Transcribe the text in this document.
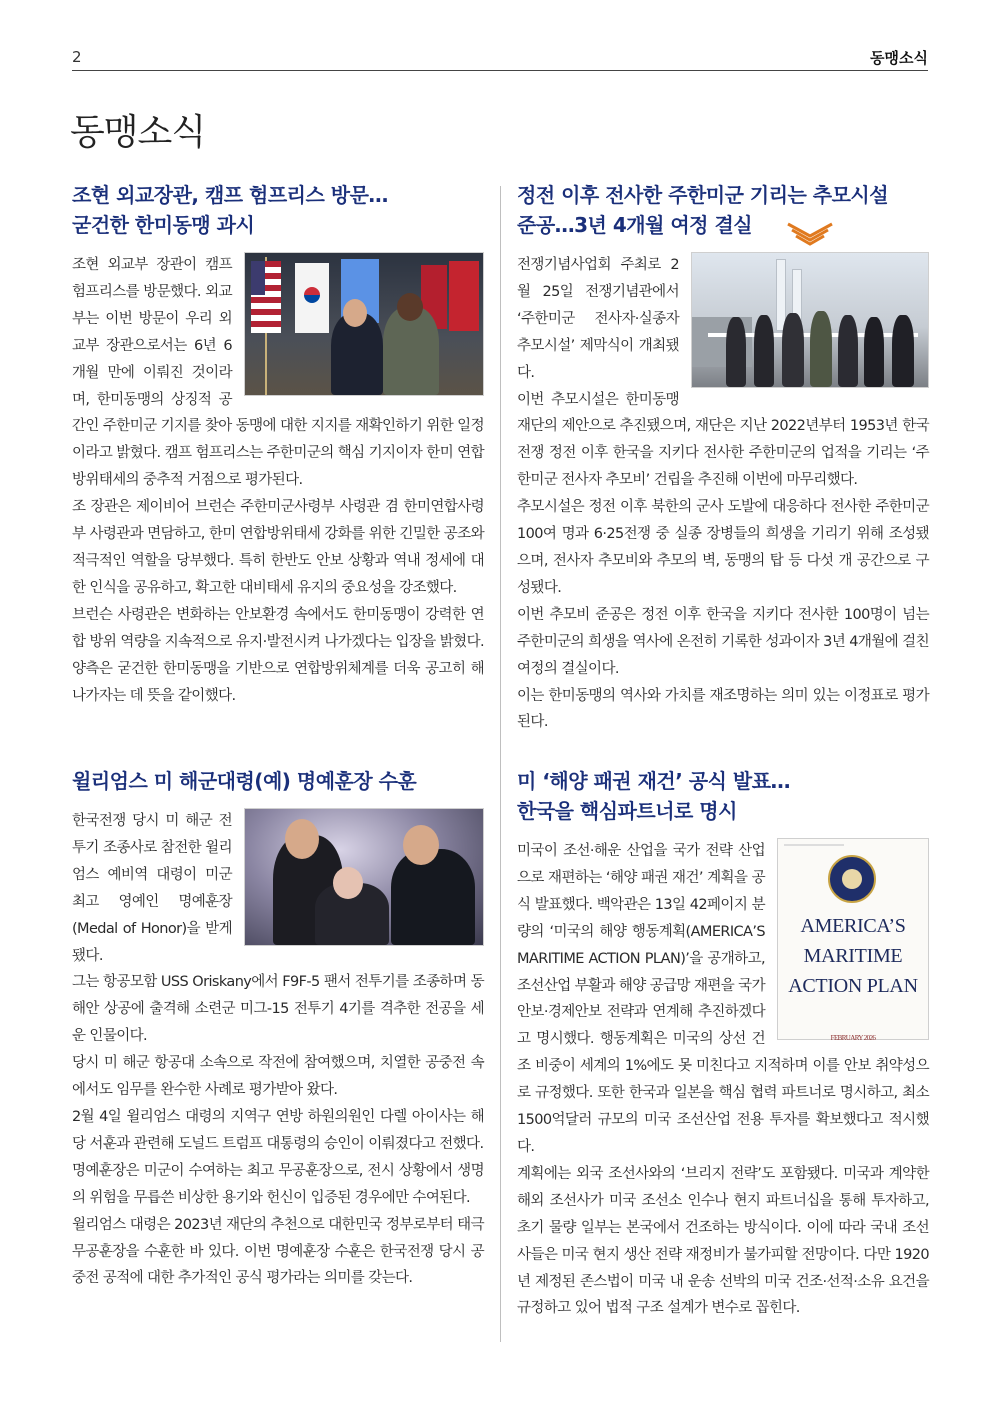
2	동맹소식
동맹소식
조현 외교장관, 캠프 험프리스 방문…
굳건한 한미동맹 과시

조현 외교부 장관이 캠프 험프리스를 방문했다. 외교부는 이번 방문이 우리 외교부 장관으로서는 6년 6개월 만에 이뤄진 것이라며, 한미동맹의 상징적 공간인 주한미군 기지를 찾아 동맹에 대한 지지를 재확인하기 위한 일정이라고 밝혔다. 캠프 험프리스는 주한미군의 핵심 기지이자 한미 연합방위태세의 중추적 거점으로 평가된다.

조 장관은 제이비어 브런슨 주한미군사령부 사령관 겸 한미연합사령부 사령관과 면담하고, 한미 연합방위태세 강화를 위한 긴밀한 공조와 적극적인 역할을 당부했다. 특히 한반도 안보 상황과 역내 정세에 대한 인식을 공유하고, 확고한 대비태세 유지의 중요성을 강조했다.

브런슨 사령관은 변화하는 안보환경 속에서도 한미동맹이 강력한 연합 방위 역량을 지속적으로 유지·발전시켜 나가겠다는 입장을 밝혔다. 양측은 굳건한 한미동맹을 기반으로 연합방위체계를 더욱 공고히 해 나가자는 데 뜻을 같이했다.

정전 이후 전사한 주한미군 기리는 추모시설
준공…3년 4개월 여정 결실

전쟁기념사업회 주최로 2월 25일 전쟁기념관에서 ‘주한미군 전사자·실종자 추모시설’ 제막식이 개최됐다.

이번 추모시설은 한미동맹재단의 제안으로 추진됐으며, 재단은 지난 2022년부터 1953년 한국전쟁 정전 이후 한국을 지키다 전사한 주한미군의 업적을 기리는 ‘주한미군 전사자 추모비’ 건립을 추진해 이번에 마무리했다.

추모시설은 정전 이후 북한의 군사 도발에 대응하다 전사한 주한미군 100여 명과 6·25전쟁 중 실종 장병들의 희생을 기리기 위해 조성됐으며, 전사자 추모비와 추모의 벽, 동맹의 탑 등 다섯 개 공간으로 구성됐다.

이번 추모비 준공은 정전 이후 한국을 지키다 전사한 100명이 넘는 주한미군의 희생을 역사에 온전히 기록한 성과이자 3년 4개월에 걸친 여정의 결실이다.

이는 한미동맹의 역사와 가치를 재조명하는 의미 있는 이정표로 평가된다.

윌리엄스 미 해군대령(예) 명예훈장 수훈

한국전쟁 당시 미 해군 전투기 조종사로 참전한 윌리엄스 예비역 대령이 미군 최고 영예인 명예훈장(Medal of Honor)을 받게 됐다.

그는 항공모함 USS Oriskany에서 F9F-5 팬서 전투기를 조종하며 동해안 상공에 출격해 소련군 미그-15 전투기 4기를 격추한 전공을 세운 인물이다.

당시 미 해군 항공대 소속으로 작전에 참여했으며, 치열한 공중전 속에서도 임무를 완수한 사례로 평가받아 왔다.

2월 4일 윌리엄스 대령의 지역구 연방 하원의원인 다렐 아이사는 해당 서훈과 관련해 도널드 트럼프 대통령의 승인이 이뤄졌다고 전했다.

명예훈장은 미군이 수여하는 최고 무공훈장으로, 전시 상황에서 생명의 위험을 무릅쓴 비상한 용기와 헌신이 입증된 경우에만 수여된다.

윌리엄스 대령은 2023년 재단의 추천으로 대한민국 정부로부터 태극무공훈장을 수훈한 바 있다. 이번 명예훈장 수훈은 한국전쟁 당시 공중전 공적에 대한 추가적인 공식 평가라는 의미를 갖는다.

미 ‘해양 패권 재건’ 공식 발표…
한국을 핵심파트너로 명시
AMERICA’S
MARITIME
ACTION PLAN
FEBRUARY 2026

미국이 조선·해운 산업을 국가 전략 산업으로 재편하는 ‘해양 패권 재건’ 계획을 공식 발표했다. 백악관은 13일 42페이지 분량의 ‘미국의 해양 행동계획(AMERICA’S MARITIME ACTION PLAN)’을 공개하고, 조선산업 부활과 해양 공급망 재편을 국가안보·경제안보 전략과 연계해 추진하겠다고 명시했다. 행동계획은 미국의 상선 건조 비중이 세계의 1%에도 못 미친다고 지적하며 이를 안보 취약성으로 규정했다. 또한 한국과 일본을 핵심 협력 파트너로 명시하고, 최소 1500억달러 규모의 미국 조선산업 전용 투자를 확보했다고 적시했다.

계획에는 외국 조선사와의 ‘브리지 전략’도 포함됐다. 미국과 계약한 해외 조선사가 미국 조선소 인수나 현지 파트너십을 통해 투자하고, 초기 물량 일부는 본국에서 건조하는 방식이다. 이에 따라 국내 조선사들은 미국 현지 생산 전략 재정비가 불가피할 전망이다. 다만 1920년 제정된 존스법이 미국 내 운송 선박의 미국 건조·선적·소유 요건을 규정하고 있어 법적 구조 설계가 변수로 꼽힌다.
